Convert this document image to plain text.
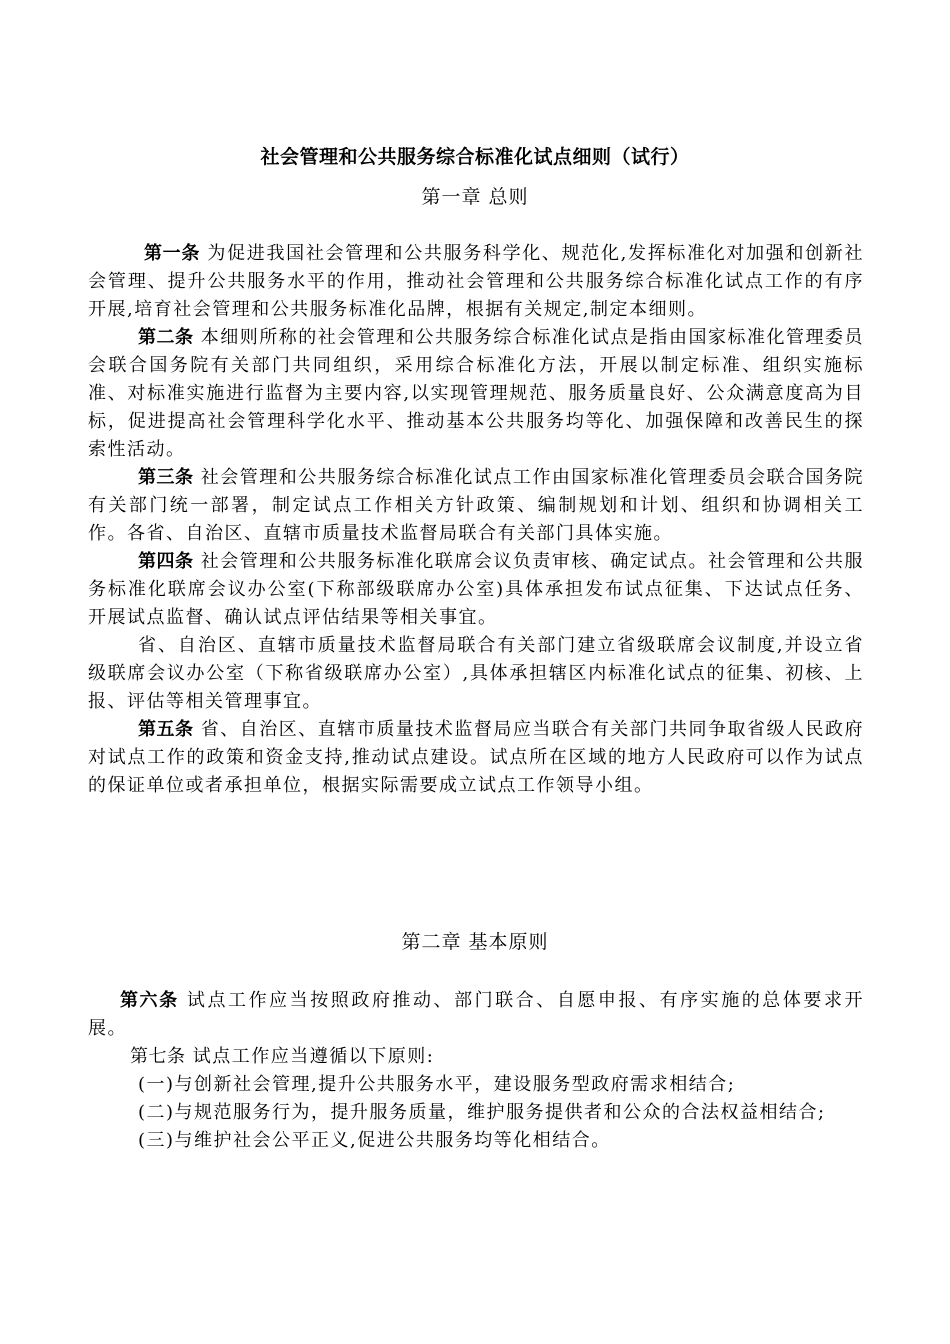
社会管理和公共服务综合标准化试点细则（试行）
第一章 总则

第一条 为促进我国社会管理和公共服务科学化、规范化,发挥标准化对加强和创新社会管理、提升公共服务水平的作用，推动社会管理和公共服务综合标准化试点工作的有序开展,培育社会管理和公共服务标准化品牌，根据有关规定,制定本细则。

第二条 本细则所称的社会管理和公共服务综合标准化试点是指由国家标准化管理委员会联合国务院有关部门共同组织，采用综合标准化方法，开展以制定标准、组织实施标准、对标准实施进行监督为主要内容,以实现管理规范、服务质量良好、公众满意度高为目标，促进提高社会管理科学化水平、推动基本公共服务均等化、加强保障和改善民生的探索性活动。

第三条 社会管理和公共服务综合标准化试点工作由国家标准化管理委员会联合国务院有关部门统一部署，制定试点工作相关方针政策、编制规划和计划、组织和协调相关工作。各省、自治区、直辖市质量技术监督局联合有关部门具体实施。

第四条 社会管理和公共服务标准化联席会议负责审核、确定试点。社会管理和公共服务标准化联席会议办公室(下称部级联席办公室)具体承担发布试点征集、下达试点任务、开展试点监督、确认试点评估结果等相关事宜。

省、自治区、直辖市质量技术监督局联合有关部门建立省级联席会议制度,并设立省级联席会议办公室（下称省级联席办公室）,具体承担辖区内标准化试点的征集、初核、上报、评估等相关管理事宜。

第五条 省、自治区、直辖市质量技术监督局应当联合有关部门共同争取省级人民政府对试点工作的政策和资金支持,推动试点建设。试点所在区域的地方人民政府可以作为试点的保证单位或者承担单位，根据实际需要成立试点工作领导小组。

第二章 基本原则

第六条 试点工作应当按照政府推动、部门联合、自愿申报、有序实施的总体要求开展。

第七条 试点工作应当遵循以下原则:

(一)与创新社会管理,提升公共服务水平，建设服务型政府需求相结合;

(二)与规范服务行为，提升服务质量，维护服务提供者和公众的合法权益相结合;

(三)与维护社会公平正义,促进公共服务均等化相结合。
